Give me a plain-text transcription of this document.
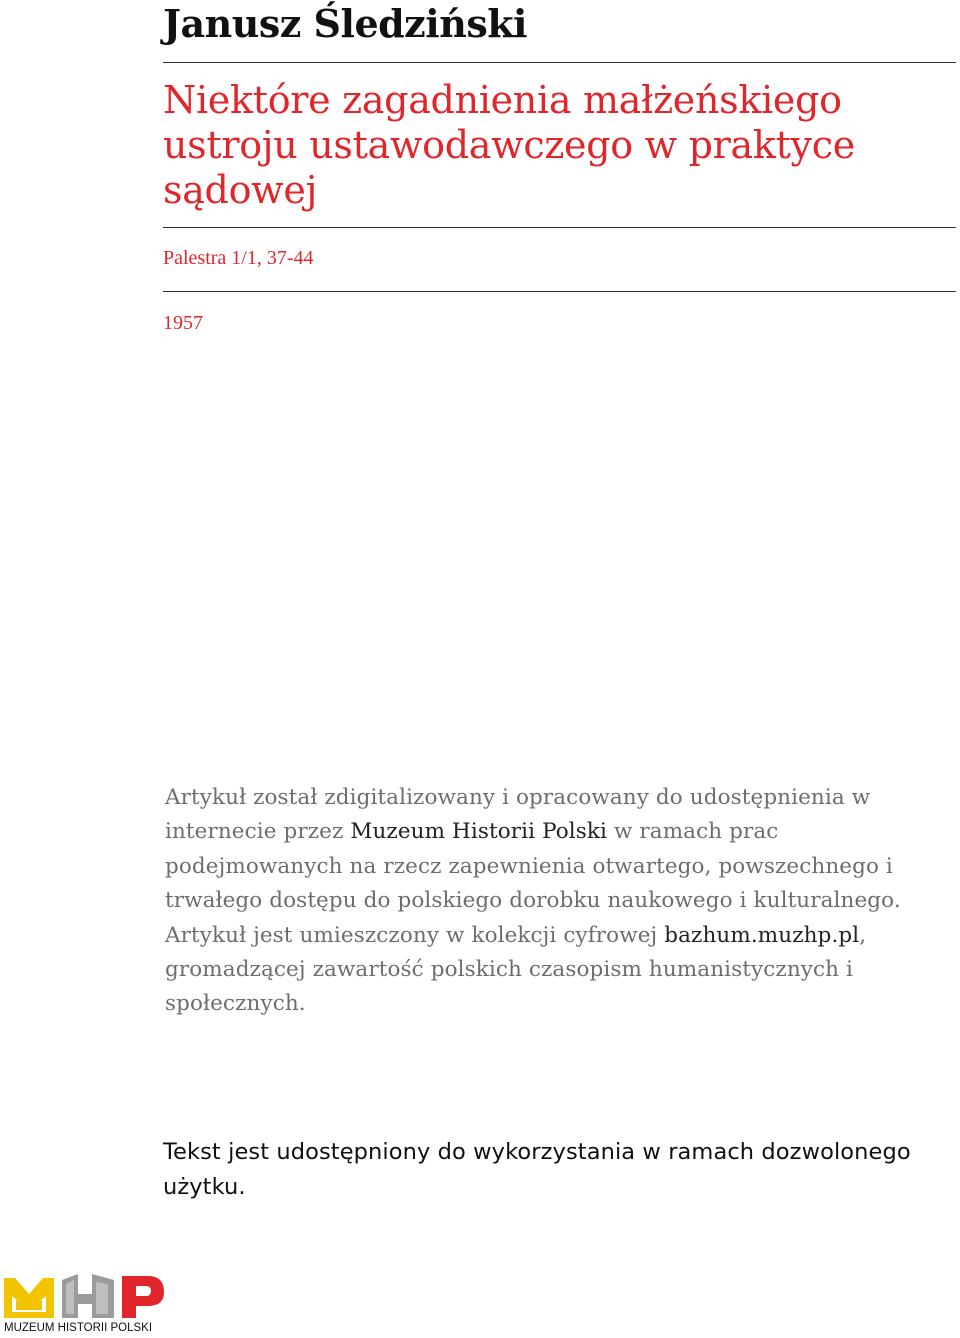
Janusz Śledziński
Niektóre zagadnienia małżeńskiego ustroju ustawodawczego w praktyce sądowej

Palestra 1/1, 37-44

1957

Artykuł został zdigitalizowany i opracowany do udostępnienia w internecie przez Muzeum Historii Polski w ramach prac podejmowanych na rzecz zapewnienia otwartego, powszechnego i trwałego dostępu do polskiego dorobku naukowego i kulturalnego. Artykuł jest umieszczony w kolekcji cyfrowej bazhum.muzhp.pl, gromadzącej zawartość polskich czasopism humanistycznych i społecznych.

Tekst jest udostępniony do wykorzystania w ramach dozwolonego użytku.

MUZEUM HISTORII POLSKI
